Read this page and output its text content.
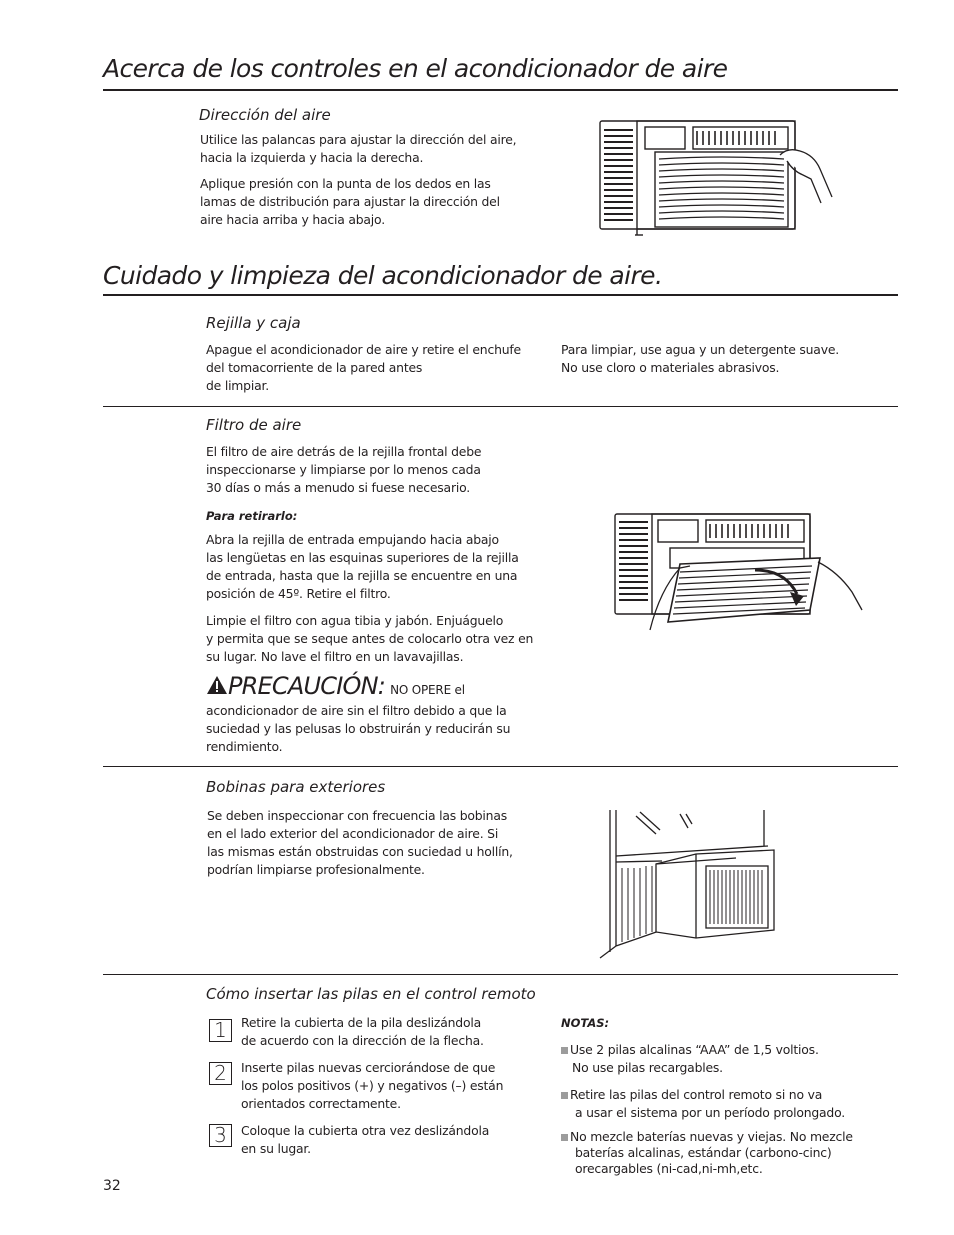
Acerca de los controles en el acondicionador de aire
Dirección del aire
Utilice las palancas para ajustar la dirección del aire,
hacia la izquierda y hacia la derecha.
Aplique presión con la punta de los dedos en las
lamas de distribución para ajustar la dirección del
aire hacia arriba y hacia abajo.
Cuidado y limpieza del acondicionador de aire.
Rejilla y caja
Apague el acondicionador de aire y retire el enchufe
del tomacorriente de la pared antes
de limpiar.
Para limpiar, use agua y un detergente suave.
No use cloro o materiales abrasivos.
Filtro de aire
El filtro de aire detrás de la rejilla frontal debe
inspeccionarse y limpiarse por lo menos cada
30 días o más a menudo si fuese necesario.
Para retirarlo:
Abra la rejilla de entrada empujando hacia abajo
las lengüetas en las esquinas superiores de la rejilla
de entrada, hasta que la rejilla se encuentre en una
posición de 45º. Retire el filtro.
Limpie el filtro con agua tibia y jabón. Enjuáguelo
y permita que se seque antes de colocarlo otra vez en
su lugar. No lave el filtro en un lavavajillas.
PRECAUCIÓN: NO OPERE el
acondicionador de aire sin el filtro debido a que la
suciedad y las pelusas lo obstruirán y reducirán su
rendimiento.
Bobinas para exteriores
Se deben inspeccionar con frecuencia las bobinas
en el lado exterior del acondicionador de aire. Si
las mismas están obstruidas con suciedad u hollín,
podrían limpiarse profesionalmente.
Cómo insertar las pilas en el control remoto
1	Retire la cubierta de la pila deslizándola
de acuerdo con la dirección de la flecha.
2	Inserte pilas nuevas cerciorándose de que
los polos positivos (+) y negativos (–) están
orientados correctamente.
3	Coloque la cubierta otra vez deslizándola
en su lugar.
NOTAS:
Use 2 pilas alcalinas “AAA” de 1,5 voltios.
No use pilas recargables.
Retire las pilas del control remoto si no va
a usar el sistema por un período prolongado.
No mezcle baterías nuevas y viejas. No mezcle
baterías alcalinas, estándar (carbono-cinc)
orecargables (ni-cad,ni-mh,etc.
32
